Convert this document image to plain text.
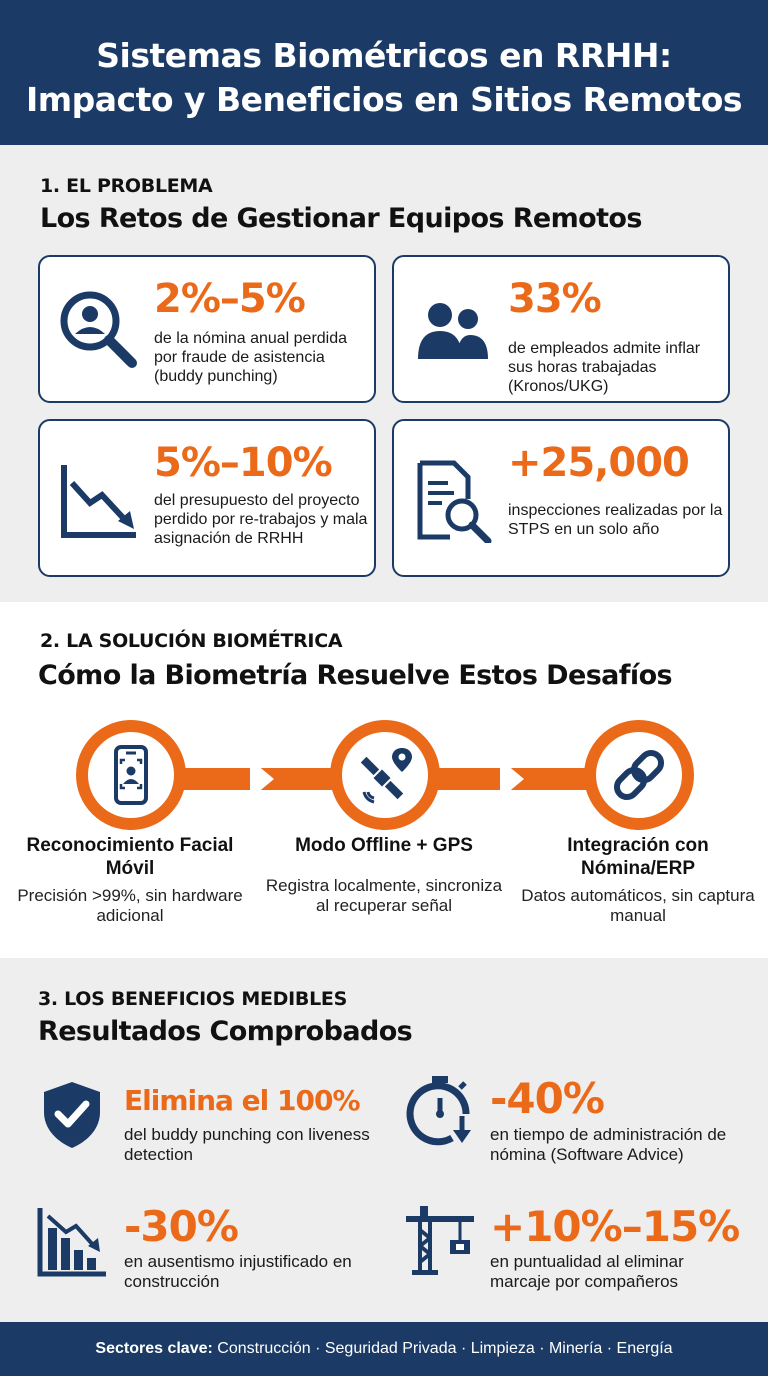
Sistemas Biométricos en RRHH:
Impacto y Beneficios en Sitios Remotos
1. EL PROBLEMA
Los Retos de Gestionar Equipos Remotos
2%–5%
de la nómina anual perdida por fraude de asistencia (buddy punching)
33%
de empleados admite inflar sus horas trabajadas (Kronos/UKG)
5%–10%
del presupuesto del proyecto perdido por re-trabajos y mala asignación de RRHH
+25,000
inspecciones realizadas por la STPS en un solo año
2. LA SOLUCIÓN BIOMÉTRICA
Cómo la Biometría Resuelve Estos Desafíos
Reconocimiento Facial Móvil
Precisión >99%, sin hardware adicional
Modo Offline + GPS
Registra localmente, sincroniza al recuperar señal
Integración con Nómina/ERP
Datos automáticos, sin captura manual
3. LOS BENEFICIOS MEDIBLES
Resultados Comprobados
Elimina el 100%
del buddy punching con liveness detection
-40%
en tiempo de administración de nómina (Software Advice)
-30%
en ausentismo injustificado en construcción
+10%–15%
en puntualidad al eliminar marcaje por compañeros
Sectores clave: Construcción · Seguridad Privada · Limpieza · Minería · Energía
